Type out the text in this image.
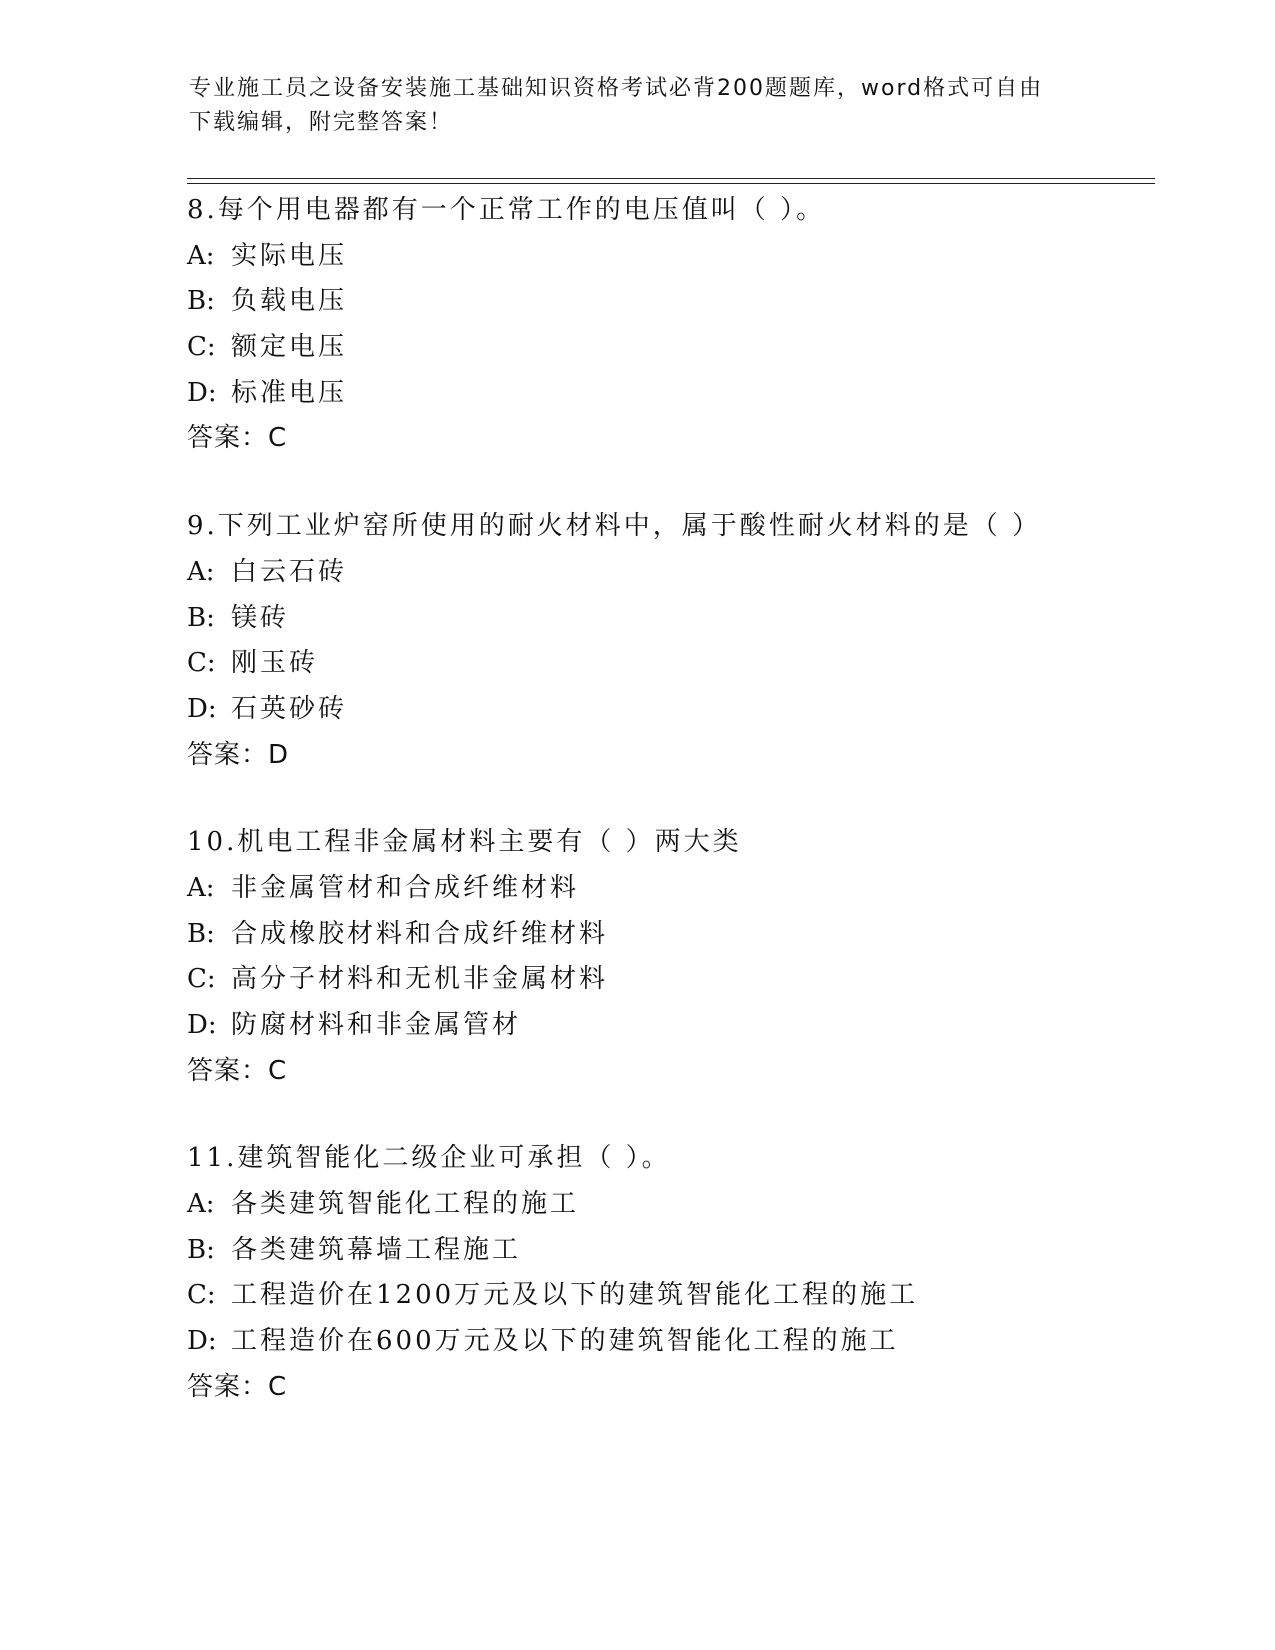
专业施工员之设备安装施工基础知识资格考试必背200题题库，word格式可自由
下载编辑，附完整答案！
8.每个用电器都有一个正常工作的电压值叫（ ）。
A: 实际电压
B: 负载电压
C: 额定电压
D: 标准电压
答案：C
9.下列工业炉窑所使用的耐火材料中，属于酸性耐火材料的是（ ）
A: 白云石砖
B: 镁砖
C: 刚玉砖
D: 石英砂砖
答案：D
10.机电工程非金属材料主要有（ ）两大类
A: 非金属管材和合成纤维材料
B: 合成橡胶材料和合成纤维材料
C: 高分子材料和无机非金属材料
D: 防腐材料和非金属管材
答案：C
11.建筑智能化二级企业可承担（ ）。
A: 各类建筑智能化工程的施工
B: 各类建筑幕墙工程施工
C: 工程造价在1200万元及以下的建筑智能化工程的施工
D: 工程造价在600万元及以下的建筑智能化工程的施工
答案：C
